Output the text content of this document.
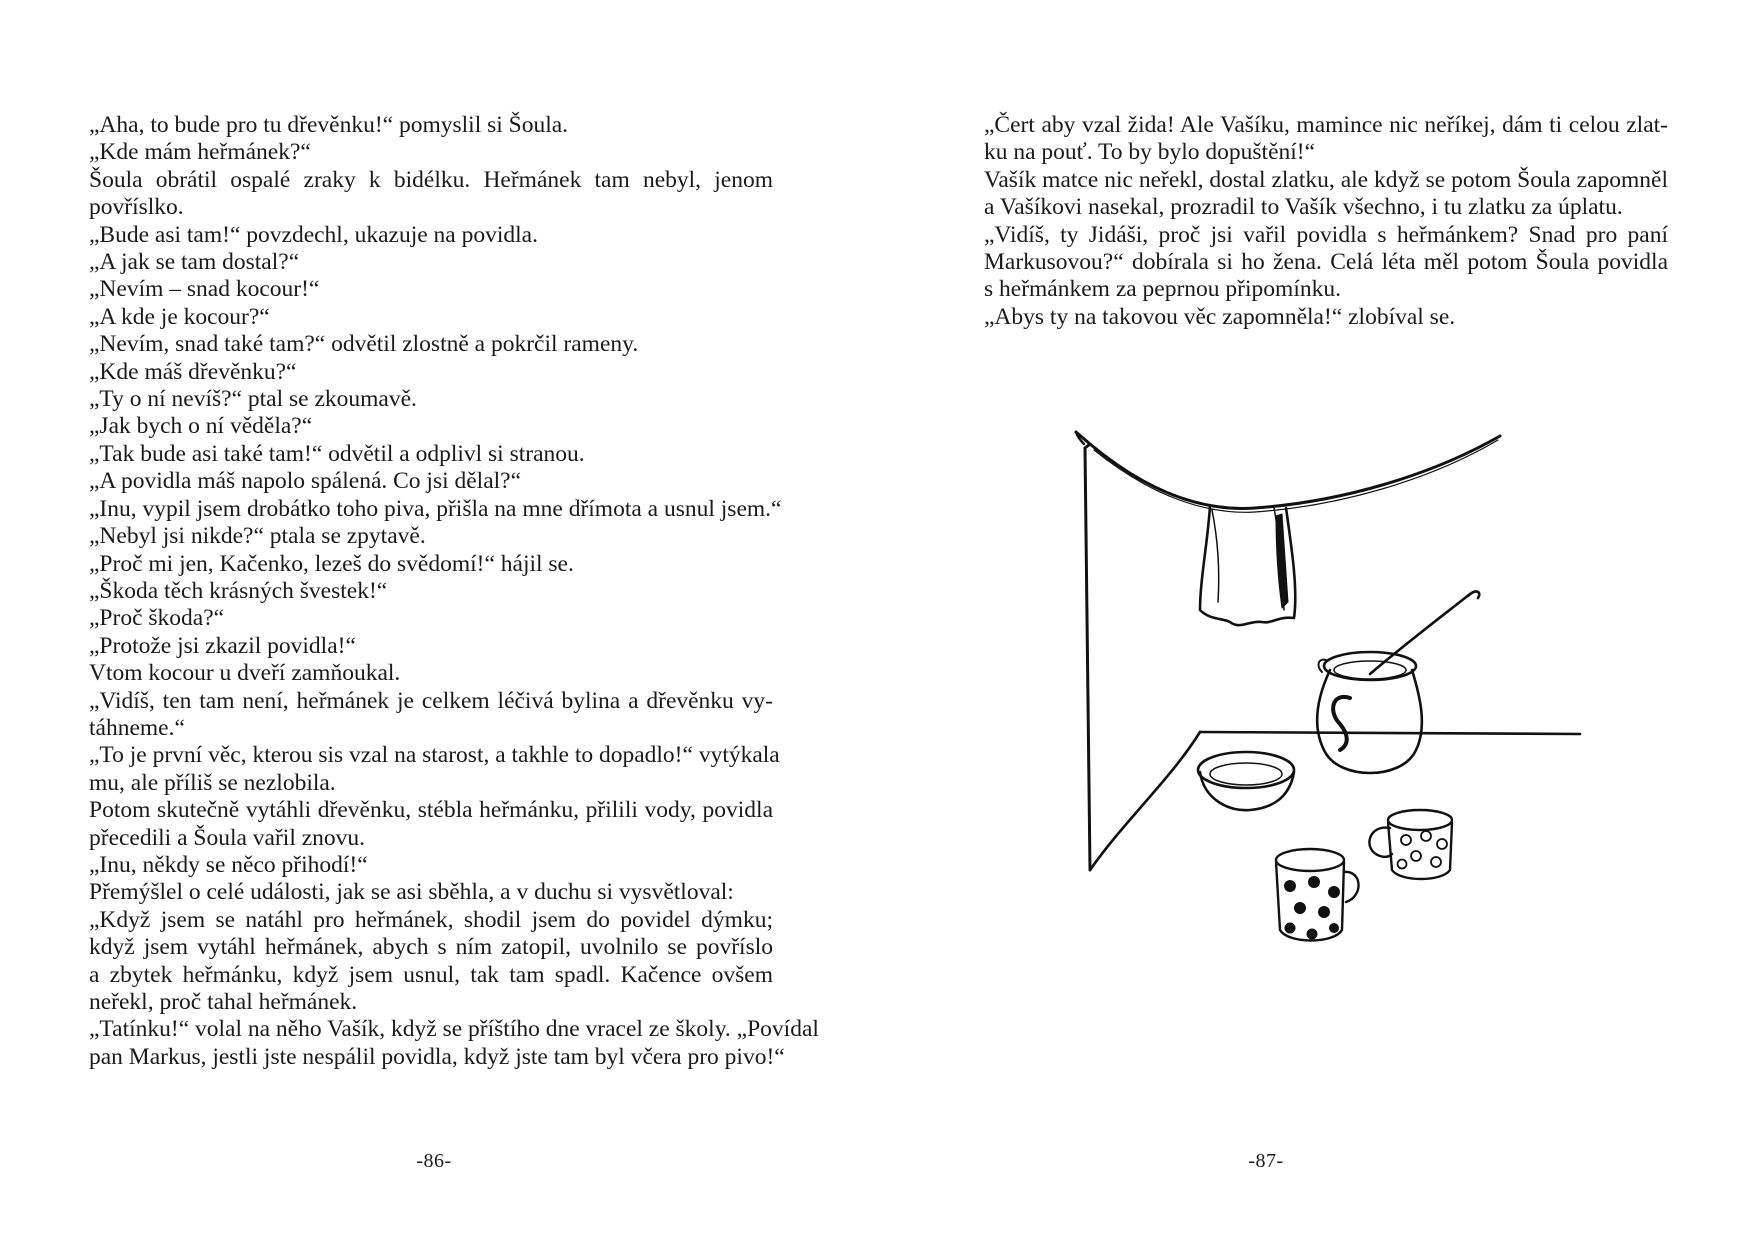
„Aha, to bude pro tu dřevěnku!“ pomyslil si Šoula.
„Kde mám heřmánek?“
Šoula obrátil ospalé zraky k bidélku. Heřmánek tam nebyl, jenom
povříslko.
„Bude asi tam!“ povzdechl, ukazuje na povidla.
„A jak se tam dostal?“
„Nevím – snad kocour!“
„A kde je kocour?“
„Nevím, snad také tam?“ odvětil zlostně a pokrčil rameny.
„Kde máš dřevěnku?“
„Ty o ní nevíš?“ ptal se zkoumavě.
„Jak bych o ní věděla?“
„Tak bude asi také tam!“ odvětil a odplivl si stranou.
„A povidla máš napolo spálená. Co jsi dělal?“
„Inu, vypil jsem drobátko toho piva, přišla na mne dřímota a usnul jsem.“
„Nebyl jsi nikde?“ ptala se zpytavě.
„Proč mi jen, Kačenko, lezeš do svědomí!“ hájil se.
„Škoda těch krásných švestek!“
„Proč škoda?“
„Protože jsi zkazil povidla!“
Vtom kocour u dveří zamňoukal.
„Vidíš, ten tam není, heřmánek je celkem léčivá bylina a dřevěnku vy-
táhneme.“
„To je první věc, kterou sis vzal na starost, a takhle to dopadlo!“ vytýkala
mu, ale příliš se nezlobila.
Potom skutečně vytáhli dřevěnku, stébla heřmánku, přilili vody, povidla
přecedili a Šoula vařil znovu.
„Inu, někdy se něco přihodí!“
Přemýšlel o celé události, jak se asi sběhla, a v duchu si vysvětloval:
„Když jsem se natáhl pro heřmánek, shodil jsem do povidel dýmku;
když jsem vytáhl heřmánek, abych s ním zatopil, uvolnilo se povříslo
a zbytek heřmánku, když jsem usnul, tak tam spadl. Kačence ovšem
neřekl, proč tahal heřmánek.
„Tatínku!“ volal na něho Vašík, když se příštího dne vracel ze školy. „Povídal
pan Markus, jestli jste nespálil povidla, když jste tam byl včera pro pivo!“
-86-
„Čert aby vzal žida! Ale Vašíku, mamince nic neříkej, dám ti celou zlat-
ku na pouť. To by bylo dopuštění!“
Vašík matce nic neřekl, dostal zlatku, ale když se potom Šoula zapomněl
a Vašíkovi nasekal, prozradil to Vašík všechno, i tu zlatku za úplatu.
„Vidíš, ty Jidáši, proč jsi vařil povidla s heřmánkem? Snad pro paní
Markusovou?“ dobírala si ho žena. Celá léta měl potom Šoula povidla
s heřmánkem za peprnou připomínku.
„Abys ty na takovou věc zapomněla!“ zlobíval se.
-87-
